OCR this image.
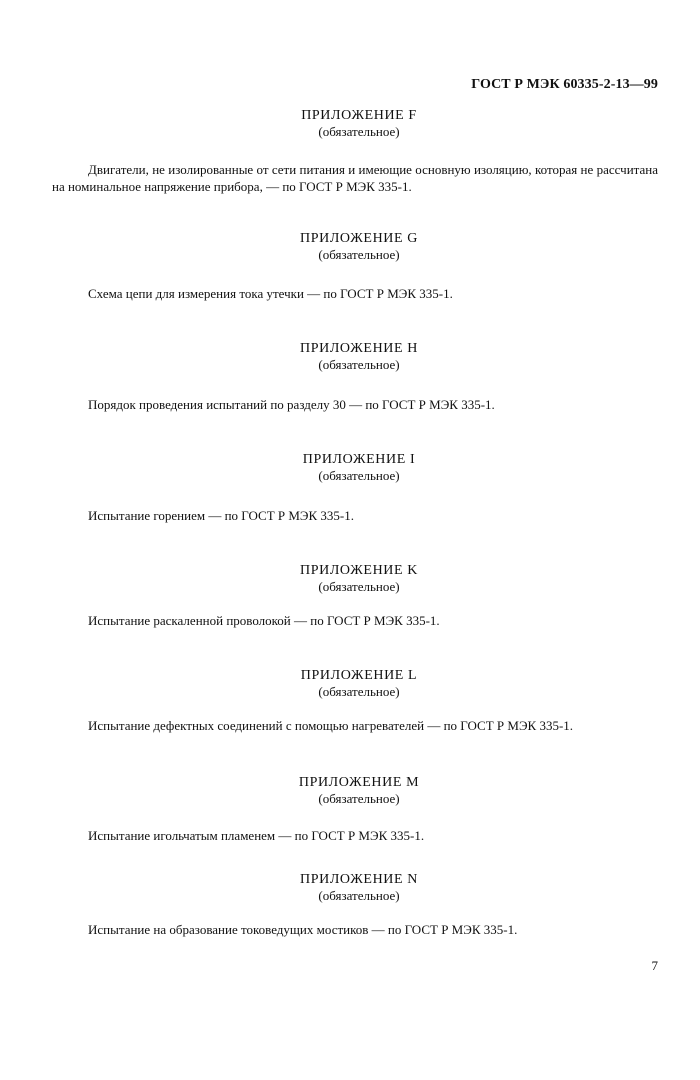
ГОСТ Р МЭК 60335-2-13—99
ПРИЛОЖЕНИЕ F
(обязательное)
Двигатели, не изолированные от сети питания и имеющие основную изоляцию, которая не рассчитана на номинальное напряжение прибора, — по ГОСТ Р МЭК 335-1.
ПРИЛОЖЕНИЕ G
(обязательное)
Схема цепи для измерения тока утечки — по ГОСТ Р МЭК 335-1.
ПРИЛОЖЕНИЕ H
(обязательное)
Порядок проведения испытаний по разделу 30 — по ГОСТ Р МЭК 335-1.
ПРИЛОЖЕНИЕ I
(обязательное)
Испытание горением — по ГОСТ Р МЭК 335-1.
ПРИЛОЖЕНИЕ K
(обязательное)
Испытание раскаленной проволокой — по ГОСТ Р МЭК 335-1.
ПРИЛОЖЕНИЕ L
(обязательное)
Испытание дефектных соединений с помощью нагревателей — по ГОСТ Р МЭК 335-1.
ПРИЛОЖЕНИЕ M
(обязательное)
Испытание игольчатым пламенем — по ГОСТ Р МЭК 335-1.
ПРИЛОЖЕНИЕ N
(обязательное)
Испытание на образование токоведущих мостиков — по ГОСТ Р МЭК 335-1.
7
